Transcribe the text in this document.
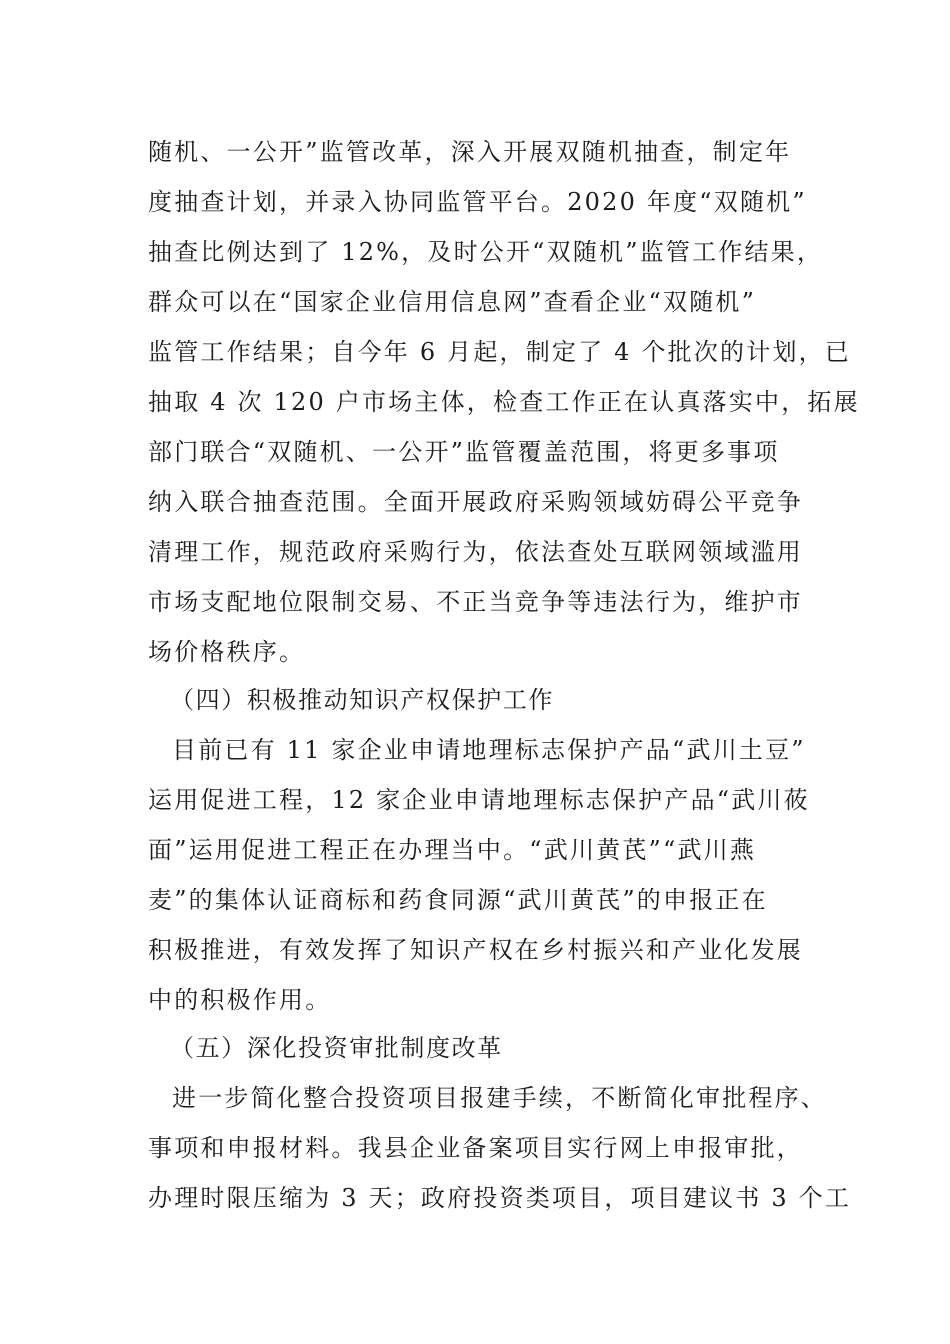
随机、一公开”监管改革，深入开展双随机抽查，制定年
度抽查计划，并录入协同监管平台。2020 年度“双随机”
抽查比例达到了 12%，及时公开“双随机”监管工作结果，
群众可以在“国家企业信用信息网”查看企业“双随机”
监管工作结果；自今年 6 月起，制定了 4 个批次的计划，已
抽取 4 次 120 户市场主体，检查工作正在认真落实中，拓展
部门联合“双随机、一公开”监管覆盖范围，将更多事项
纳入联合抽查范围。全面开展政府采购领域妨碍公平竞争
清理工作，规范政府采购行为，依法查处互联网领域滥用
市场支配地位限制交易、不正当竞争等违法行为，维护市
场价格秩序。
（四）积极推动知识产权保护工作
目前已有 11 家企业申请地理标志保护产品“武川土豆”
运用促进工程，12 家企业申请地理标志保护产品“武川莜
面”运用促进工程正在办理当中。“武川黄芪”“武川燕
麦”的集体认证商标和药食同源“武川黄芪”的申报正在
积极推进，有效发挥了知识产权在乡村振兴和产业化发展
中的积极作用。
（五）深化投资审批制度改革
进一步简化整合投资项目报建手续，不断简化审批程序、
事项和申报材料。我县企业备案项目实行网上申报审批，
办理时限压缩为 3 天；政府投资类项目，项目建议书 3 个工
